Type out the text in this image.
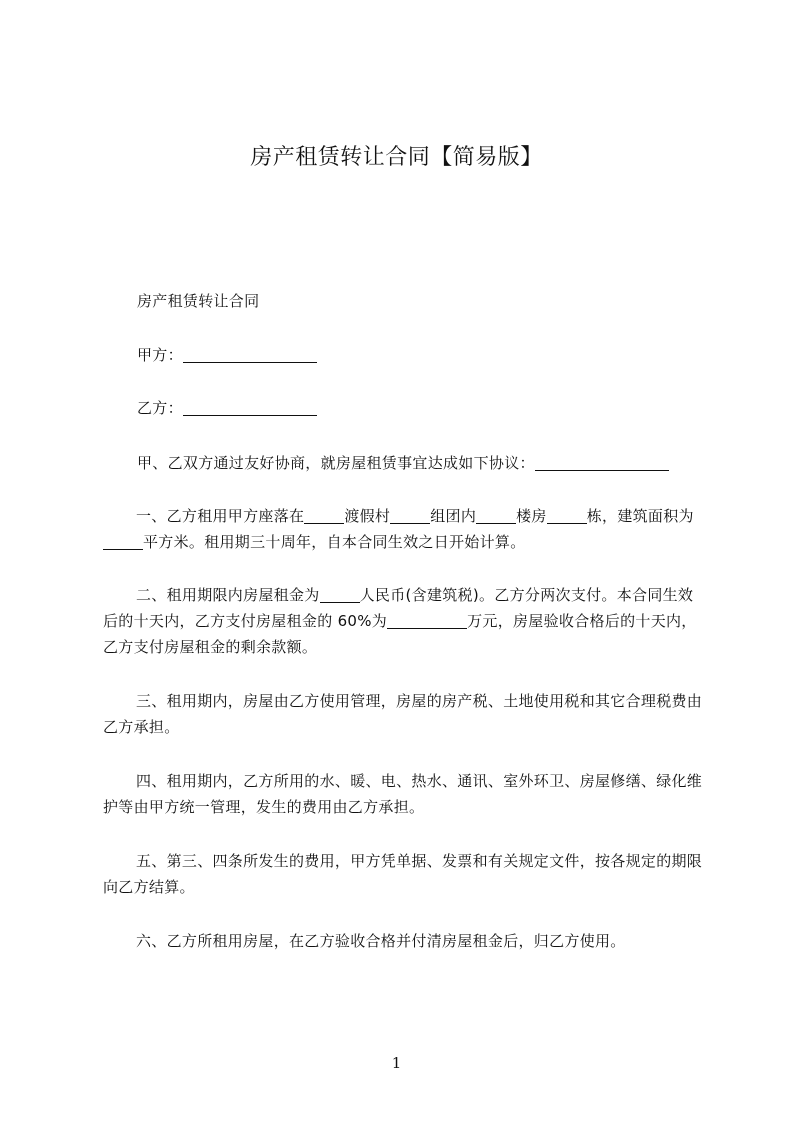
房产租赁转让合同【简易版】

房产租赁转让合同

甲方：

乙方：

甲、乙双方通过友好协商，就房屋租赁事宜达成如下协议：

一、乙方租用甲方座落在	渡假村	组团内	楼房	栋，建筑面积为平方米。租用期三十周年，自本合同生效之日开始计算。

二、租用期限内房屋租金为	人民币(含建筑税)。乙方分两次支付。本合同生效后的十天内，乙方支付房屋租金的 60%为	万元，房屋验收合格后的十天内，乙方支付房屋租金的剩余款额。

三、租用期内，房屋由乙方使用管理，房屋的房产税、土地使用税和其它合理税费由乙方承担。

四、租用期内，乙方所用的水、暖、电、热水、通讯、室外环卫、房屋修缮、绿化维护等由甲方统一管理，发生的费用由乙方承担。

五、第三、四条所发生的费用，甲方凭单据、发票和有关规定文件，按各规定的期限向乙方结算。

六、乙方所租用房屋，在乙方验收合格并付清房屋租金后，归乙方使用。

1
